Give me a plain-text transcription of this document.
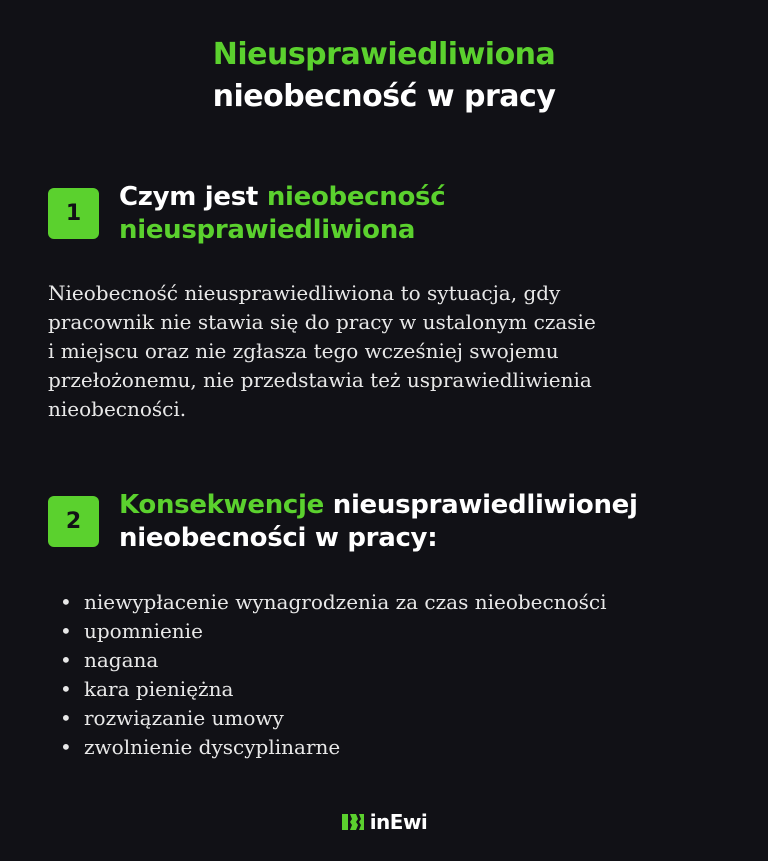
Nieusprawiedliwiona
nieobecność w pracy
1
Czym jest nieobecność
nieusprawiedliwiona
Nieobecność nieusprawiedliwiona to sytuacja, gdy
pracownik nie stawia się do pracy w ustalonym czasie
i miejscu oraz nie zgłasza tego wcześniej swojemu
przełożonemu, nie przedstawia też usprawiedliwienia
nieobecności.
2
Konsekwencje nieusprawiedliwionej
nieobecności w pracy:
• niewypłacenie wynagrodzenia za czas nieobecności
• upomnienie
• nagana
• kara pieniężna
• rozwiązanie umowy
• zwolnienie dyscyplinarne
inEwi
